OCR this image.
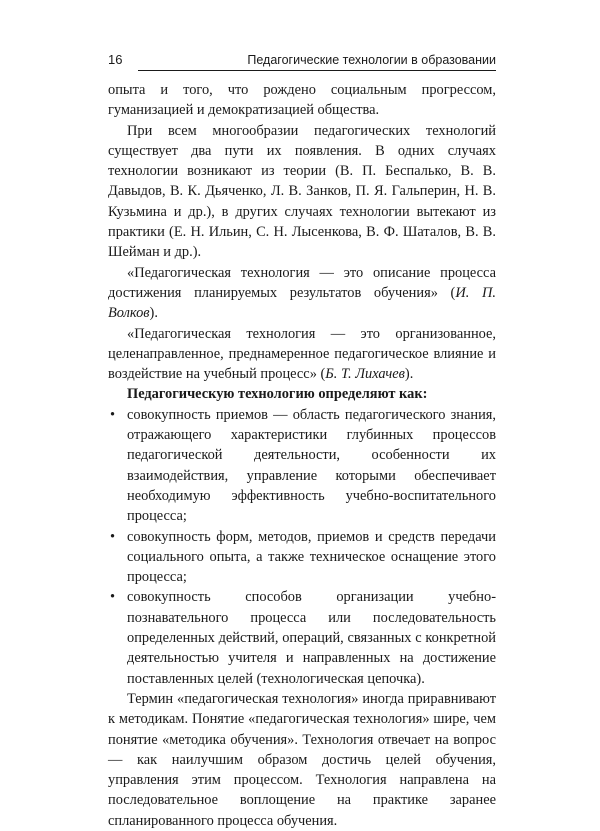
16	Педагогические технологии в образовании

опыта и того, что рождено социальным прогрессом, гуманизацией и демократизацией общества.

При всем многообразии педагогических технологий существует два пути их появления. В одних случаях технологии возникают из теории (В. П. Беспалько, В. В. Давыдов, В. К. Дьяченко, Л. В. Занков, П. Я. Гальперин, Н. В. Кузьмина и др.), в других случаях технологии вытекают из практики (Е. Н. Ильин, С. Н. Лысенкова, В. Ф. Шаталов, В. В. Шейман и др.).

«Педагогическая технология — это описание процесса достижения планируемых результатов обучения» (И. П. Волков).

«Педагогическая технология — это организованное, целенаправленное, преднамеренное педагогическое влияние и воздействие на учебный процесс» (Б. Т. Лихачев).

Педагогическую технологию определяют как:

• совокупность приемов — область педагогического знания, отражающего характеристики глубинных процессов педагогической деятельности, особенности их взаимодействия, управление которыми обеспечивает необходимую эффективность учебно-воспитательного процесса;
• совокупность форм, методов, приемов и средств передачи социального опыта, а также техническое оснащение этого процесса;
• совокупность способов организации учебно-познавательного процесса или последовательность определенных действий, операций, связанных с конкретной деятельностью учителя и направленных на достижение поставленных целей (технологическая цепочка).

Термин «педагогическая технология» иногда приравнивают к методикам. Понятие «педагогическая технология» шире, чем понятие «методика обучения». Технология отвечает на вопрос — как наилучшим образом достичь целей обучения, управления этим процессом. Технология направлена на последовательное воплощение на практике заранее спланированного процесса обучения.
